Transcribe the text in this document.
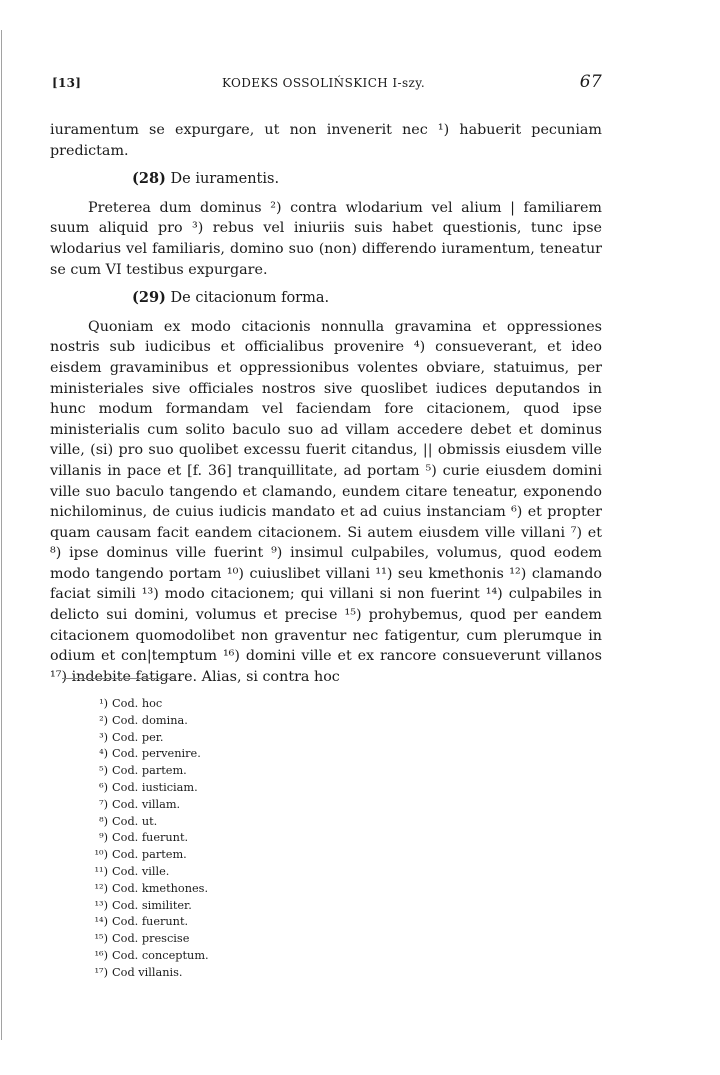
[13]	KODEKS OSSOLIŃSKICH I-szy.	67

iuramentum se expurgare, ut non invenerit nec ¹) habuerit pecuniam predictam.

(28) De iuramentis.

Preterea dum dominus ²) contra wlodarium vel alium | familiarem suum aliquid pro ³) rebus vel iniuriis suis habet questionis, tunc ipse wlodarius vel familiaris, domino suo (non) differendo iuramentum, teneatur se cum VI testibus expurgare.

(29) De citacionum forma.

Quoniam ex modo citacionis nonnulla gravamina et oppressiones nostris sub iudicibus et officialibus provenire ⁴) consueverant, et ideo eisdem gravaminibus et oppressionibus volentes obviare, statuimus, per ministeriales sive officiales nostros sive quoslibet iudices deputandos in hunc modum formandam vel faciendam fore citacionem, quod ipse ministerialis cum solito baculo suo ad villam accedere debet et dominus ville, (si) pro suo quolibet excessu fuerit citandus, || obmissis eiusdem ville villanis in pace et [f. 36] tranquillitate, ad portam ⁵) curie eiusdem domini ville suo baculo tangendo et clamando, eundem citare teneatur, exponendo nichilominus, de cuius iudicis mandato et ad cuius instanciam ⁶) et propter quam causam facit eandem citacionem. Si autem eiusdem ville villani ⁷) et ⁸) ipse dominus ville fuerint ⁹) insimul culpabiles, volumus, quod eodem modo tangendo portam ¹⁰) cuiuslibet villani ¹¹) seu kmethonis ¹²) clamando faciat simili ¹³) modo citacionem; qui villani si non fuerint ¹⁴) culpabiles in delicto sui domini, volumus et precise ¹⁵) prohybemus, quod per eandem citacionem quomodolibet non graventur nec fatigentur, cum plerumque in odium et con|temptum ¹⁶) domini ville et ex rancore consueverunt villanos ¹⁷) indebite fatigare. Alias, si contra hoc

¹) Cod. hoc
²) Cod. domina.
³) Cod. per.
⁴) Cod. pervenire.
⁵) Cod. partem.
⁶) Cod. iusticiam.
⁷) Cod. villam.
⁸) Cod. ut.
⁹) Cod. fuerunt.
¹⁰) Cod. partem.
¹¹) Cod. ville.
¹²) Cod. kmethones.
¹³) Cod. similiter.
¹⁴) Cod. fuerunt.
¹⁵) Cod. prescise
¹⁶) Cod. conceptum.
¹⁷) Cod villanis.
